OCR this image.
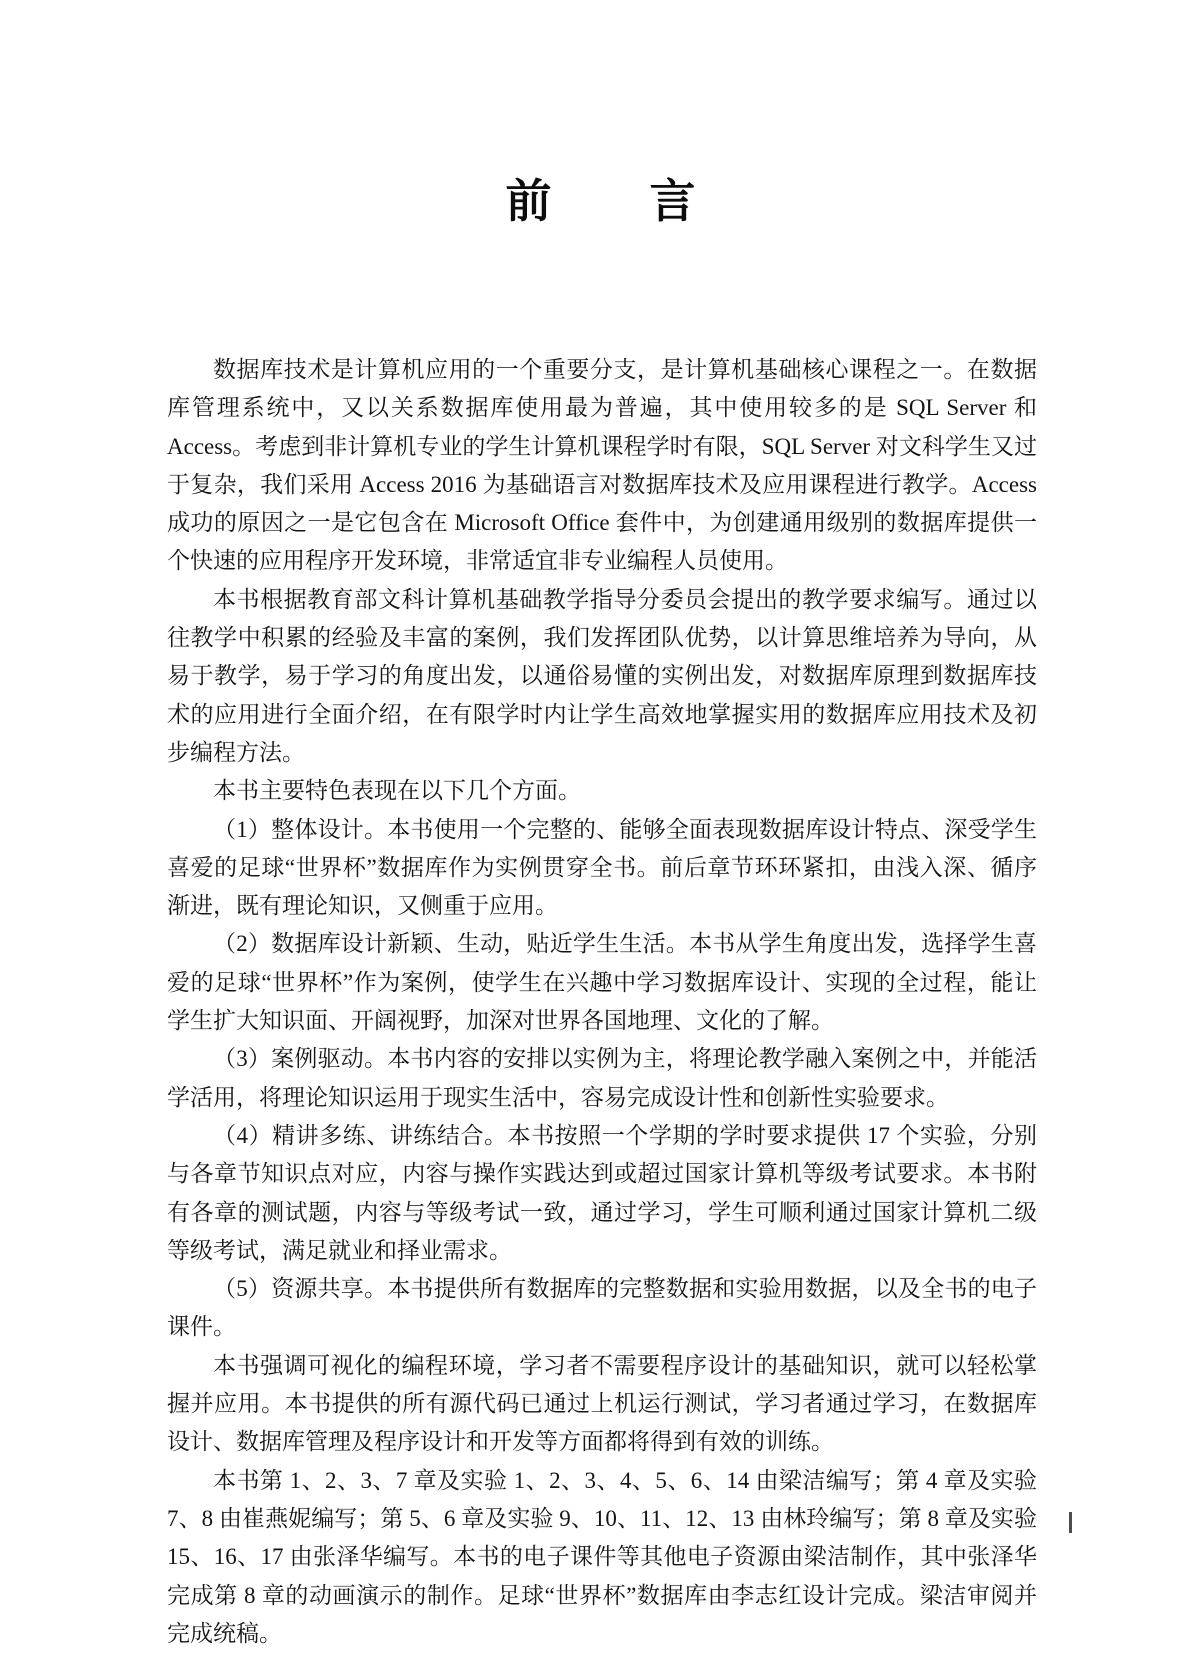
前　　言

数据库技术是计算机应用的一个重要分支，是计算机基础核心课程之一。在数据库管理系统中，又以关系数据库使用最为普遍，其中使用较多的是 SQL Server 和 Access。考虑到非计算机专业的学生计算机课程学时有限，SQL Server 对文科学生又过于复杂，我们采用 Access 2016 为基础语言对数据库技术及应用课程进行教学。Access 成功的原因之一是它包含在 Microsoft Office 套件中，为创建通用级别的数据库提供一个快速的应用程序开发环境，非常适宜非专业编程人员使用。

本书根据教育部文科计算机基础教学指导分委员会提出的教学要求编写。通过以往教学中积累的经验及丰富的案例，我们发挥团队优势，以计算思维培养为导向，从易于教学，易于学习的角度出发，以通俗易懂的实例出发，对数据库原理到数据库技术的应用进行全面介绍，在有限学时内让学生高效地掌握实用的数据库应用技术及初步编程方法。

本书主要特色表现在以下几个方面。

（1）整体设计。本书使用一个完整的、能够全面表现数据库设计特点、深受学生喜爱的足球“世界杯”数据库作为实例贯穿全书。前后章节环环紧扣，由浅入深、循序渐进，既有理论知识，又侧重于应用。

（2）数据库设计新颖、生动，贴近学生生活。本书从学生角度出发，选择学生喜爱的足球“世界杯”作为案例，使学生在兴趣中学习数据库设计、实现的全过程，能让学生扩大知识面、开阔视野，加深对世界各国地理、文化的了解。

（3）案例驱动。本书内容的安排以实例为主，将理论教学融入案例之中，并能活学活用，将理论知识运用于现实生活中，容易完成设计性和创新性实验要求。

（4）精讲多练、讲练结合。本书按照一个学期的学时要求提供 17 个实验，分别与各章节知识点对应，内容与操作实践达到或超过国家计算机等级考试要求。本书附有各章的测试题，内容与等级考试一致，通过学习，学生可顺利通过国家计算机二级等级考试，满足就业和择业需求。

（5）资源共享。本书提供所有数据库的完整数据和实验用数据，以及全书的电子课件。

本书强调可视化的编程环境，学习者不需要程序设计的基础知识，就可以轻松掌握并应用。本书提供的所有源代码已通过上机运行测试，学习者通过学习，在数据库设计、数据库管理及程序设计和开发等方面都将得到有效的训练。

本书第 1、2、3、7 章及实验 1、2、3、4、5、6、14 由梁洁编写；第 4 章及实验 7、8 由崔燕妮编写；第 5、6 章及实验 9、10、11、12、13 由林玲编写；第 8 章及实验 15、16、17 由张泽华编写。本书的电子课件等其他电子资源由梁洁制作，其中张泽华完成第 8 章的动画演示的制作。足球“世界杯”数据库由李志红设计完成。梁洁审阅并完成统稿。
